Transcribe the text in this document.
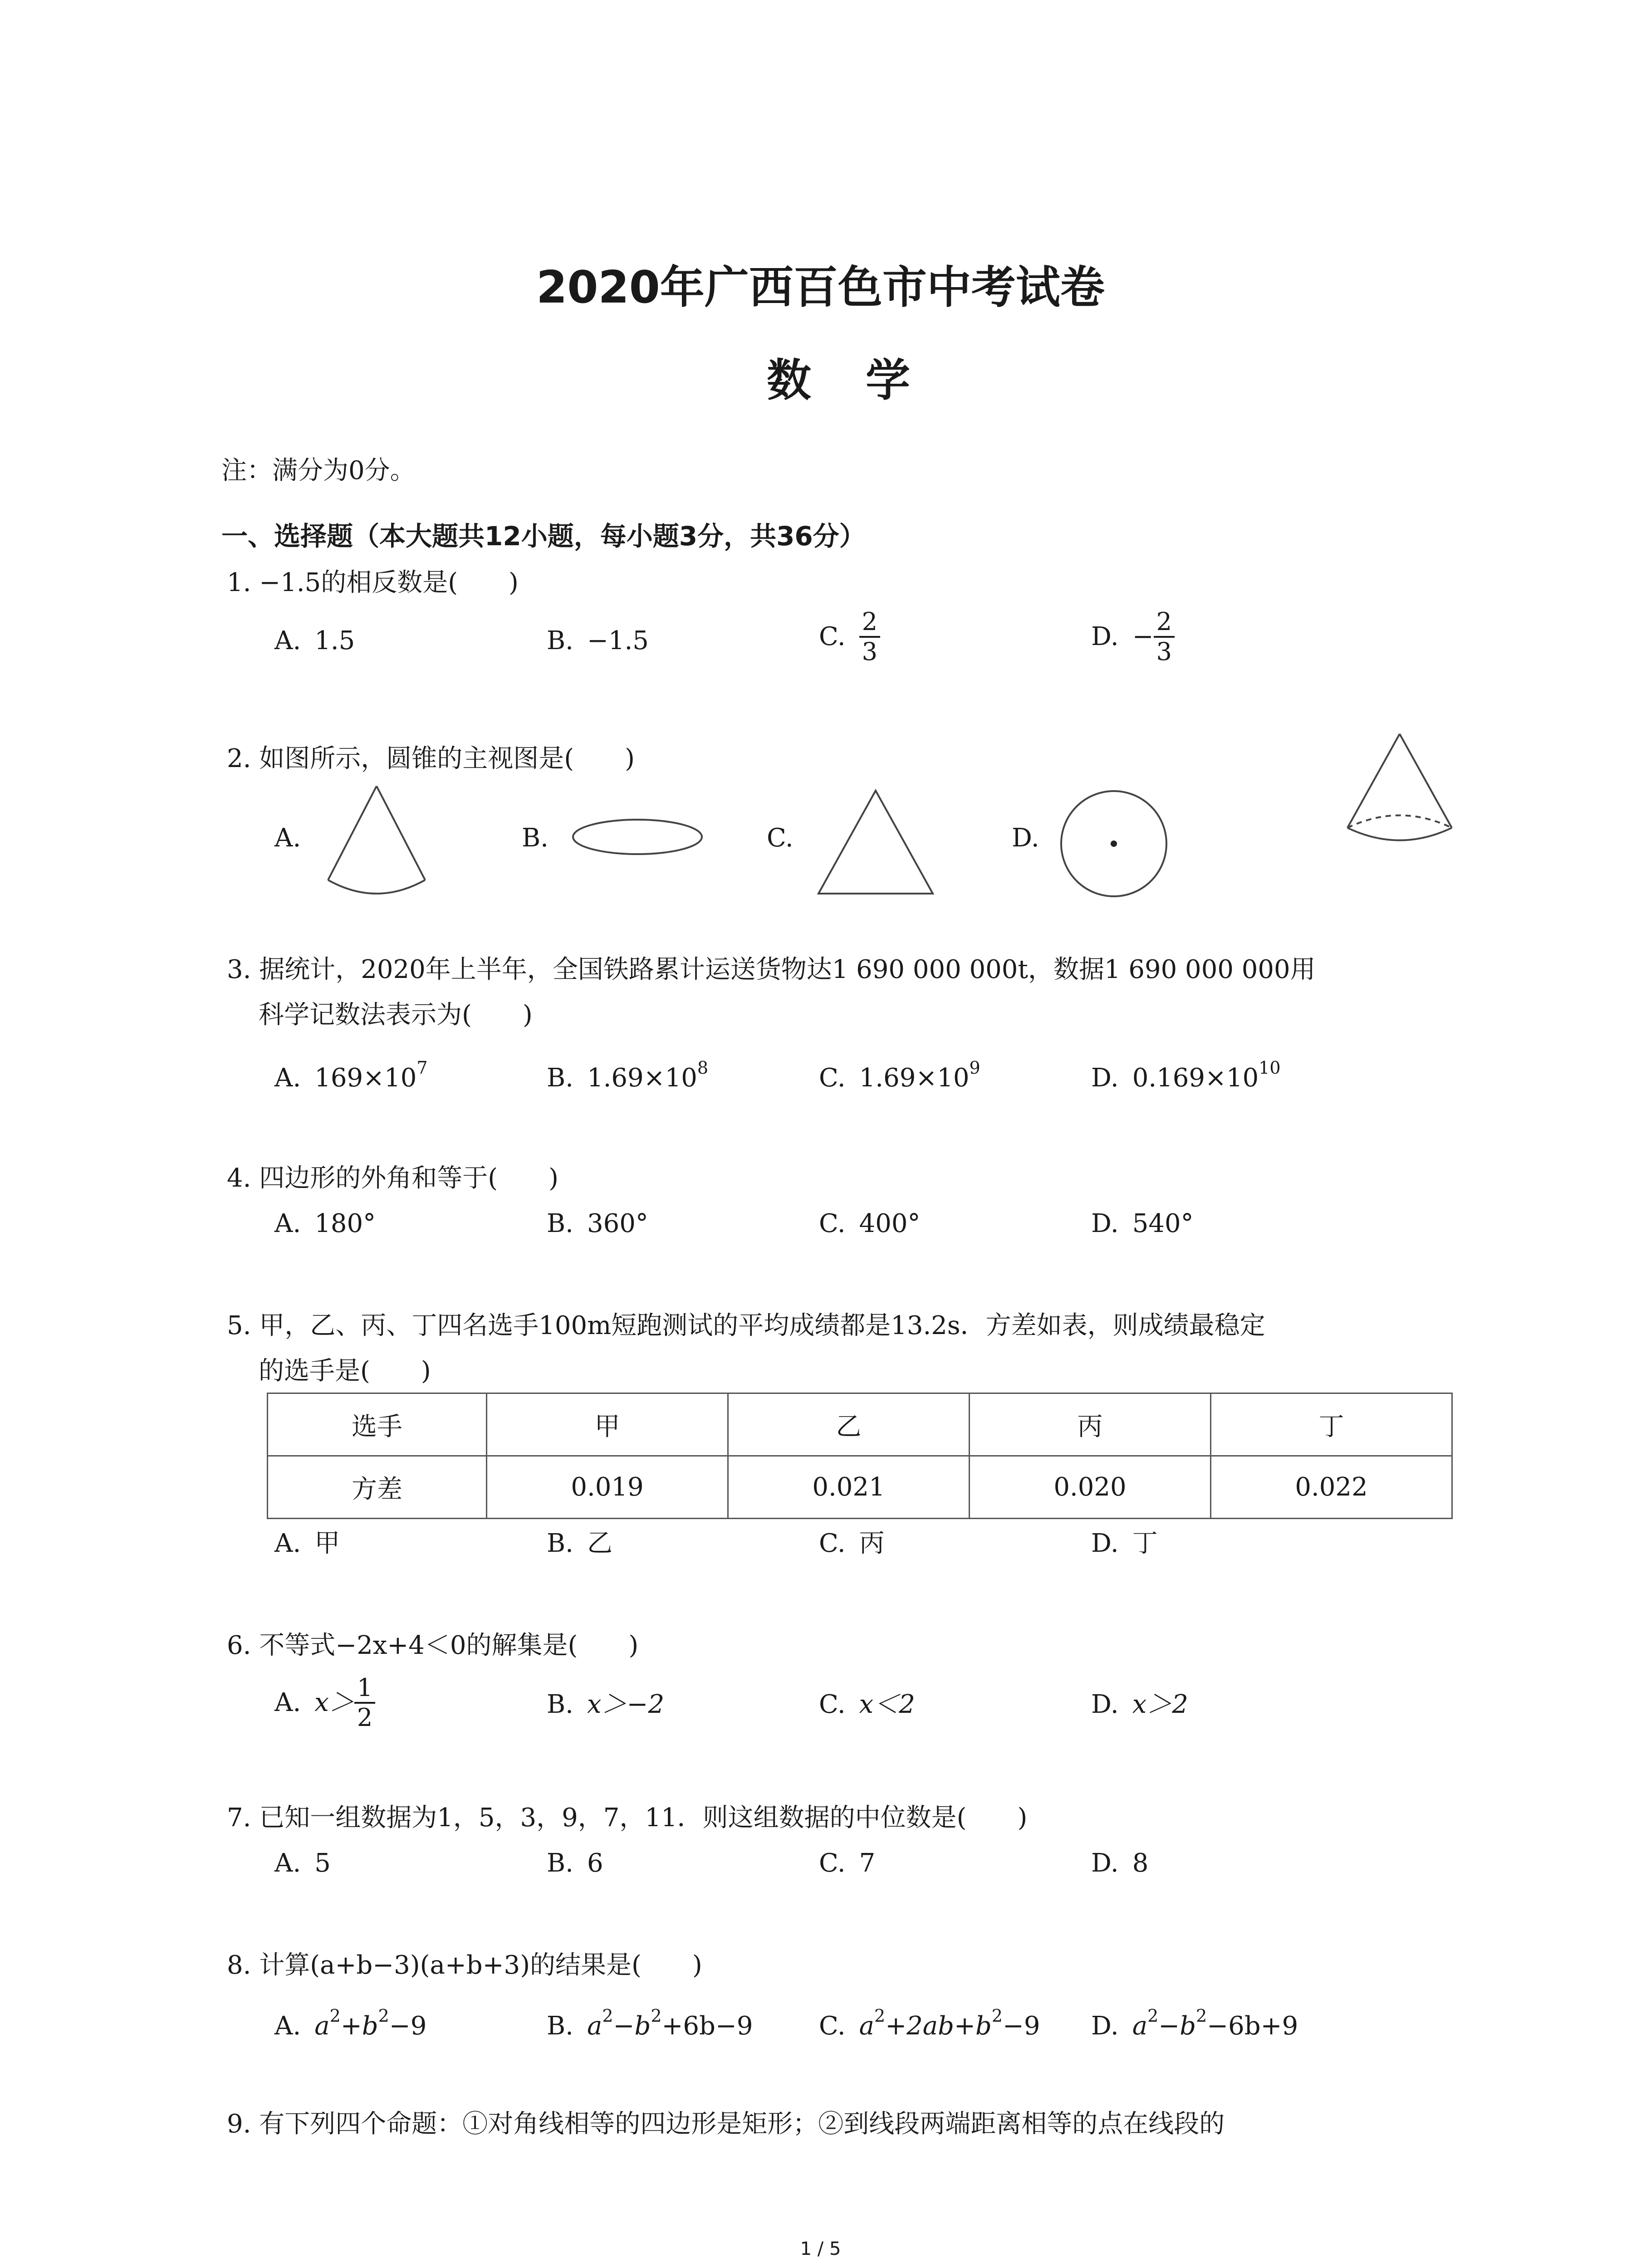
2020年广西百色市中考试卷
数学
注：满分为0分。
一、选择题（本大题共12小题，每小题3分，共36分）
1. −1.5的相反数是(　　)
A. 1.5	B. −1.5	C. $\frac{2}{3}$	D. − $\frac{2}{3}$
2. 如图所示，圆锥的主视图是(　　)
A.	B.	C.	D.
3. 据统计，2020年上半年，全国铁路累计运送货物达1 690 000 000t，数据1 690 000 000用
科学记数法表示为(　　)
A. $169\times 10^7$	B. $1.69\times 10^8$	C. $1.69\times 10^9$	D. $0.169\times 10^{10}$
4. 四边形的外角和等于(　　)
A. 180°	B. 360°	C. 400°	D. 540°
5. 甲，乙、丙、丁四名选手100m短跑测试的平均成绩都是13.2s．方差如表，则成绩最稳定
的选手是(　　)
选手	甲	乙	丙	丁
方差	0.019	0.021	0.020	0.022
A. 甲	B. 乙	C. 丙	D. 丁
6. 不等式−2x+4＜0的解集是(　　)
A. $x> \frac{1}{2}$	B. x＞−2	C. x＜2	D. x＞2
7. 已知一组数据为1，5，3，9，7，11．则这组数据的中位数是(　　)
A. 5	B. 6	C. 7	D. 8
8. 计算(a+b−3)(a+b+3)的结果是(　　)
A. $a^2+b^2-9$	B. $a^2-b^2+6b-9$	C. $a^2+2ab+b^2-9$ D. $a^2-b^2-6b+9$
9. 有下列四个命题：①对角线相等的四边形是矩形；②到线段两端距离相等的点在线段的
1 / 5
